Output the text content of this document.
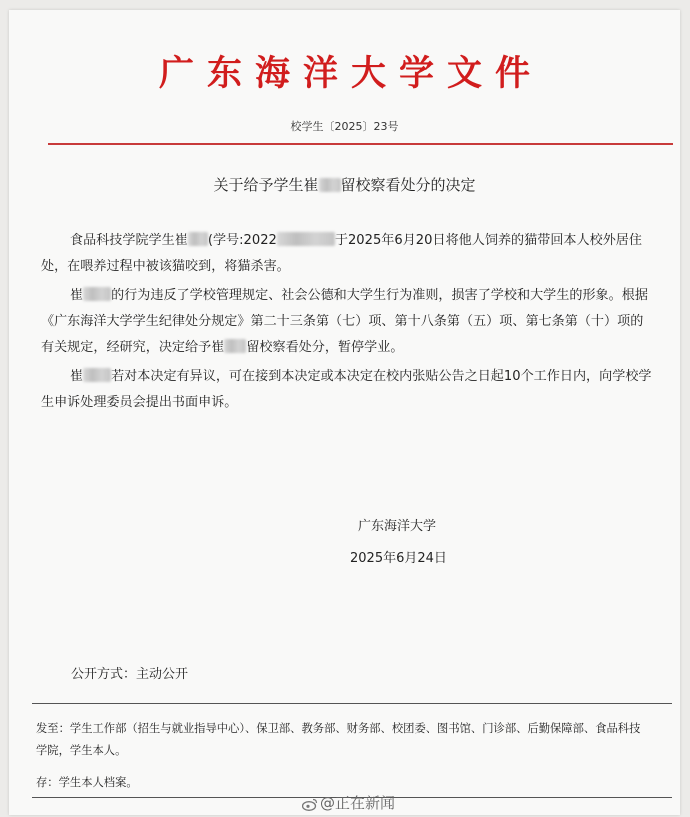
广东海洋大学文件
校学生〔2025〕23号
关于给予学生崔 留校察看处分的决定

食品科技学院学生崔 (学号:2022	于2025年6月20日将他人饲养的猫带回本人校外居住处，在喂养过程中被该猫咬到，将猫杀害。

崔 的行为违反了学校管理规定、社会公德和大学生行为准则，损害了学校和大学生的形象。根据《广东海洋大学学生纪律处分规定》第二十三条第（七）项、第十八条第（五）项、第七条第（十）项的有关规定，经研究，决定给予崔 留校察看处分，暂停学业。

崔 若对本决定有异议，可在接到本决定或本决定在校内张贴公告之日起10个工作日内，向学校学生申诉处理委员会提出书面申诉。

广东海洋大学
2025年6月24日
公开方式：主动公开
发至：学生工作部（招生与就业指导中心）、保卫部、教务部、财务部、校团委、图书馆、门诊部、后勤保障部、食品科技学院，学生本人。
存：学生本人档案。
@正在新闻
